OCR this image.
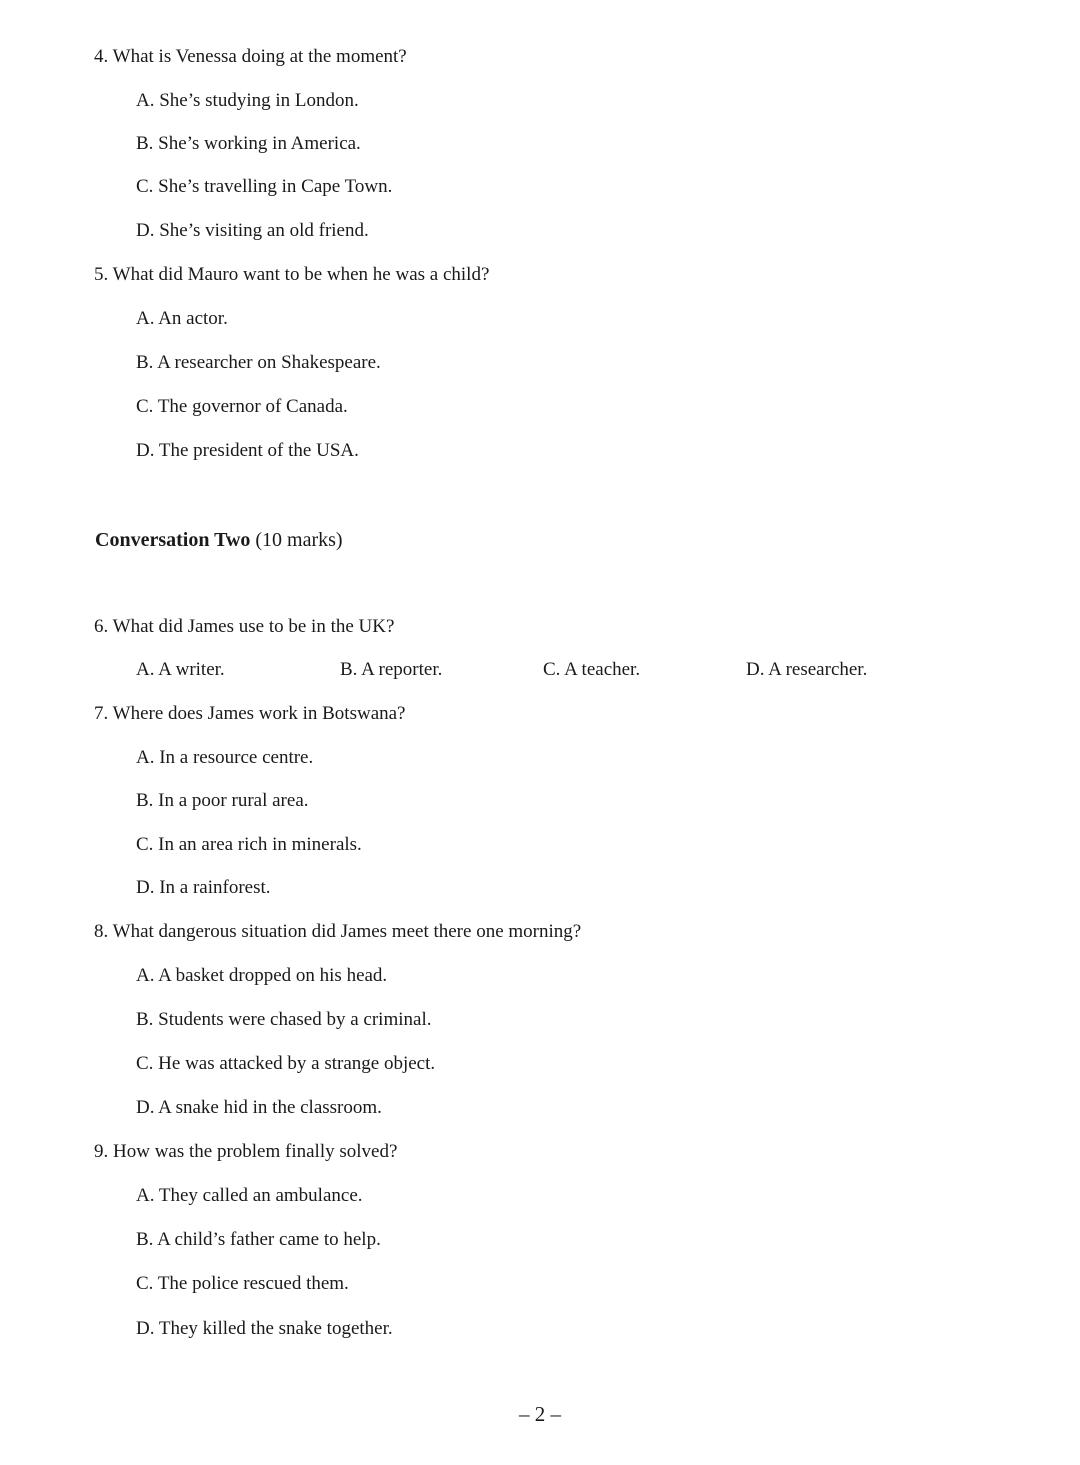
4. What is Venessa doing at the moment?
A. She’s studying in London.
B. She’s working in America.
C. She’s travelling in Cape Town.
D. She’s visiting an old friend.
5. What did Mauro want to be when he was a child?
A. An actor.
B. A researcher on Shakespeare.
C. The governor of Canada.
D. The president of the USA.
Conversation Two (10 marks)
6. What did James use to be in the UK?
A. A writer.	B. A reporter.	C. A teacher.	D. A researcher.
7. Where does James work in Botswana?
A. In a resource centre.
B. In a poor rural area.
C. In an area rich in minerals.
D. In a rainforest.
8. What dangerous situation did James meet there one morning?
A. A basket dropped on his head.
B. Students were chased by a criminal.
C. He was attacked by a strange object.
D. A snake hid in the classroom.
9. How was the problem finally solved?
A. They called an ambulance.
B. A child’s father came to help.
C. The police rescued them.
D. They killed the snake together.
– 2 –
